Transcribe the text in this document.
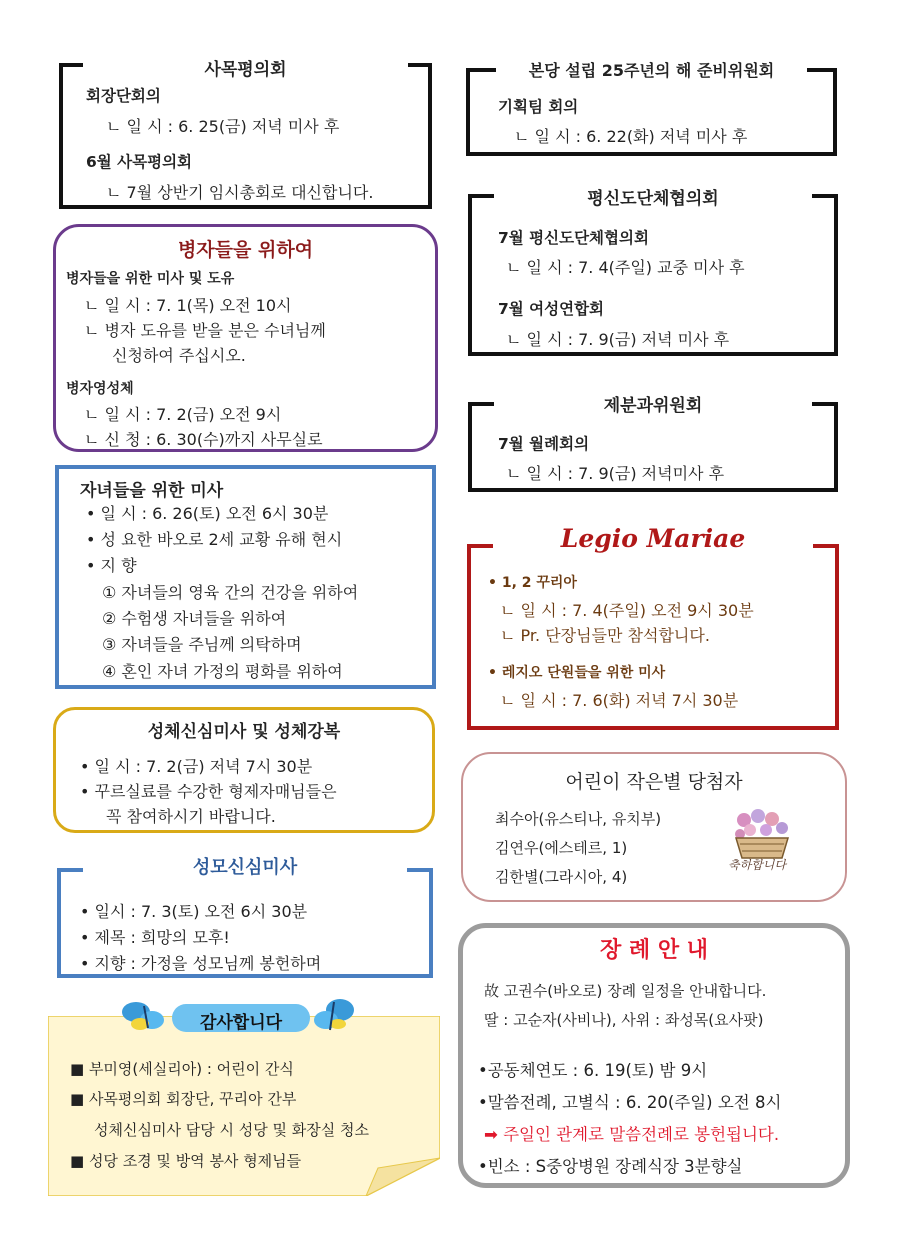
사목평의회
회장단회의
ㄴ 일 시 : 6. 25(금) 저녁 미사 후
6월 사목평의회
ㄴ 7월 상반기 임시총회로 대신합니다.
병자들을 위하여
병자들을 위한 미사 및 도유
ㄴ 일 시 : 7. 1(목) 오전 10시
ㄴ 병자 도유를 받을 분은 수녀님께
신청하여 주십시오.
병자영성체
ㄴ 일 시 : 7. 2(금) 오전 9시
ㄴ 신 청 : 6. 30(수)까지 사무실로
자녀들을 위한 미사
• 일 시 : 6. 26(토) 오전 6시 30분
• 성 요한 바오로 2세 교황 유해 현시
• 지 향
① 자녀들의 영육 간의 건강을 위하여
② 수험생 자녀들을 위하여
③ 자녀들을 주님께 의탁하며
④ 혼인 자녀 가정의 평화를 위하여
성체신심미사 및 성체강복
• 일 시 : 7. 2(금) 저녁 7시 30분
• 꾸르실료를 수강한 형제자매님들은
꼭 참여하시기 바랍니다.
성모신심미사
• 일시 : 7. 3(토) 오전 6시 30분
• 제목 : 희망의 모후!
• 지향 : 가정을 성모님께 봉헌하며
감사합니다
■ 부미영(세실리아) : 어린이 간식
■ 사목평의회 회장단, 꾸리아 간부
성체신심미사 담당 시 성당 및 화장실 청소
■ 성당 조경 및 방역 봉사 형제님들
본당 설립 25주년의 해 준비위원회
기획팀 회의
ㄴ 일 시 : 6. 22(화) 저녁 미사 후
평신도단체협의회
7월 평신도단체협의회
ㄴ 일 시 : 7. 4(주일) 교중 미사 후
7월 여성연합회
ㄴ 일 시 : 7. 9(금) 저녁 미사 후
제분과위원회
7월 월례회의
ㄴ 일 시 : 7. 9(금) 저녁미사 후
Legio Mariae
• 1, 2 꾸리아
ㄴ 일 시 : 7. 4(주일) 오전 9시 30분
ㄴ Pr. 단장님들만 참석합니다.
• 레지오 단원들을 위한 미사
ㄴ 일 시 : 7. 6(화) 저녁 7시 30분
어린이 작은별 당첨자
최수아(유스티나, 유치부)
김연우(에스테르, 1)
김한별(그라시아, 4)
축하합니다
장 례 안 내
故 고권수(바오로) 장례 일정을 안내합니다.
딸 : 고순자(사비나), 사위 : 좌성목(요사팟)
•공동체연도 : 6. 19(토) 밤 9시
•말씀전례, 고별식 : 6. 20(주일) 오전 8시
➡ 주일인 관계로 말씀전례로 봉헌됩니다.
•빈소 : S중앙병원 장례식장 3분향실
